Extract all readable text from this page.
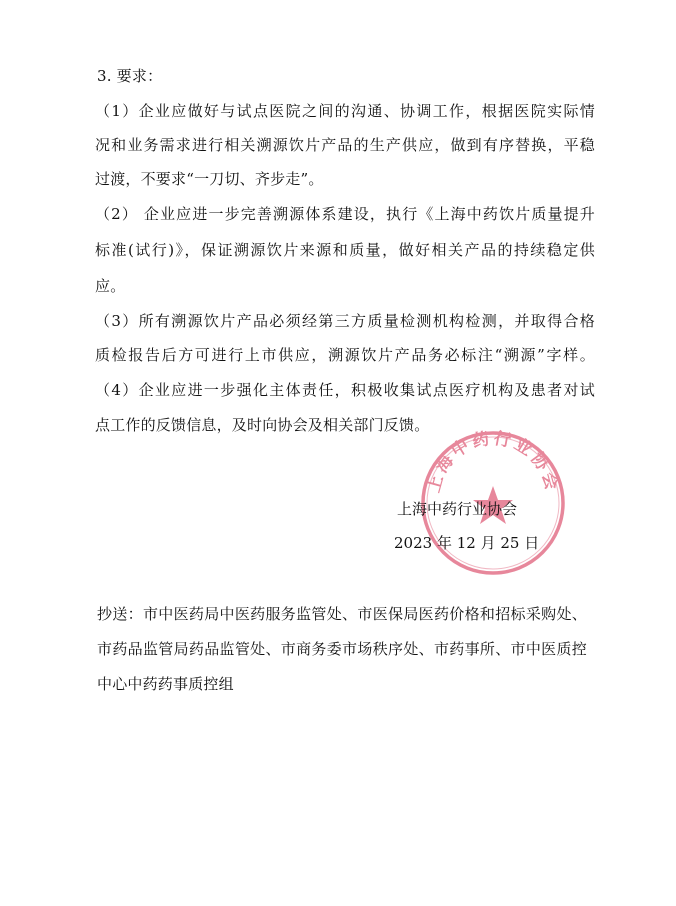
3. 要求：
（1）企业应做好与试点医院之间的沟通、协调工作，根据医院实际情
况和业务需求进行相关溯源饮片产品的生产供应，做到有序替换，平稳
过渡，不要求“一刀切、齐步走”。
（2） 企业应进一步完善溯源体系建设，执行《上海中药饮片质量提升
标准(试行)》，保证溯源饮片来源和质量，做好相关产品的持续稳定供
应。
（3）所有溯源饮片产品必须经第三方质量检测机构检测，并取得合格
质检报告后方可进行上市供应，溯源饮片产品务必标注“溯源”字样。
（4）企业应进一步强化主体责任，积极收集试点医疗机构及患者对试
点工作的反馈信息，及时向协会及相关部门反馈。
上海中药行业协会
上海中药行业协会
2023 年 12 月 25 日
抄送：市中医药局中医药服务监管处、市医保局医药价格和招标采购处、
市药品监管局药品监管处、市商务委市场秩序处、市药事所、市中医质控
中心中药药事质控组
